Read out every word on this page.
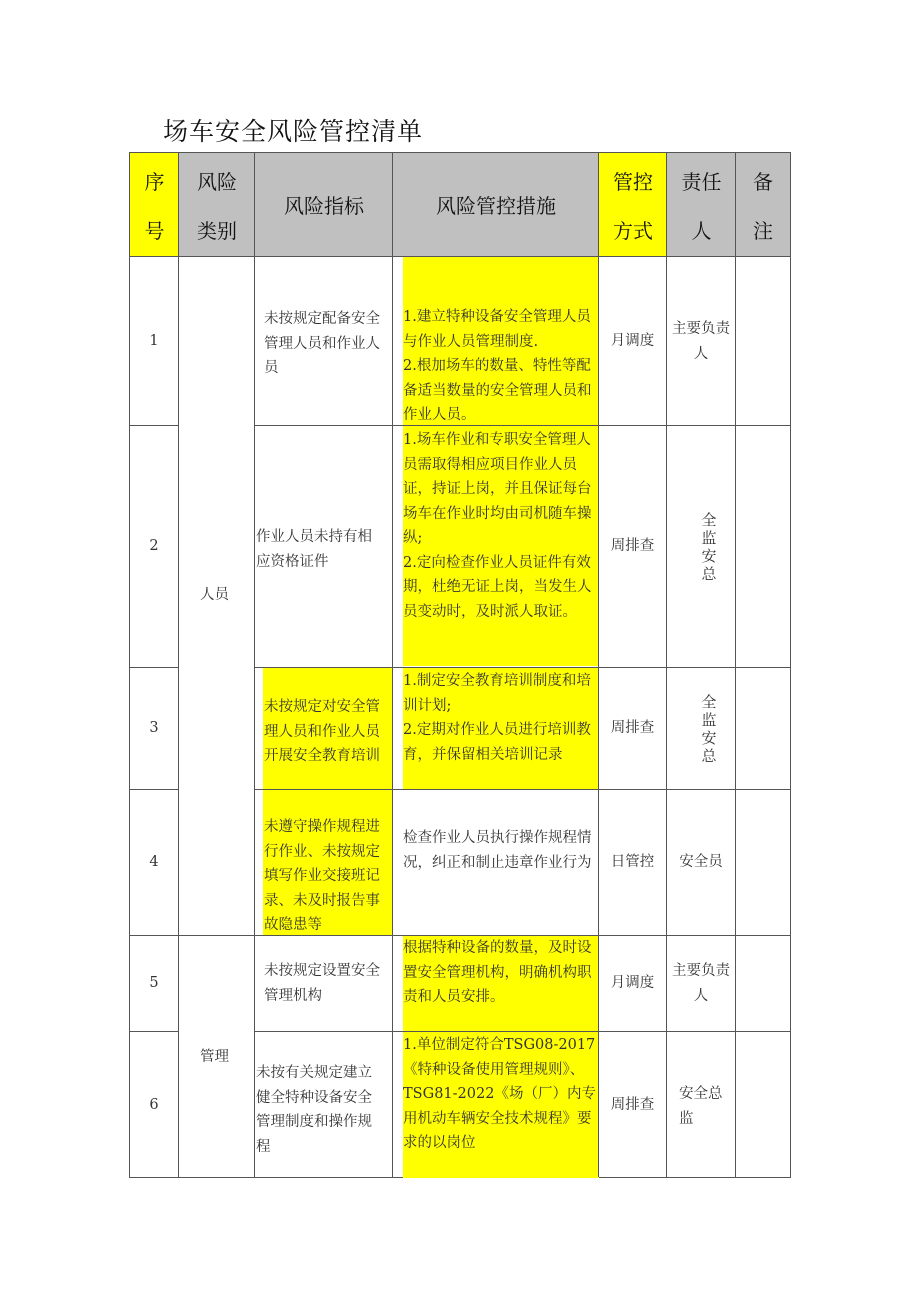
场车安全风险管控清单
序
号
风险
类别
风险指标	风险管控措施
管控
方式
责任
人
备
注
1
2
3
4
5
6
人员
管理
未按规定配备安全管理人员和作业人员
作业人员未持有相应资格证件
未按规定对安全管理人员和作业人员开展安全教育培训
未遵守操作规程进行作业、未按规定填写作业交接班记录、未及时报告事故隐患等
未按规定设置安全管理机构
未按有关规定建立健全特种设备安全管理制度和操作规程
1.建立特种设备安全管理人员与作业人员管理制度.
2.根加场车的数量、特性等配备适当数量的安全管理人员和作业人员。
1.场车作业和专职安全管理人员需取得相应项目作业人员证，持证上岗，并且保证每台场车在作业时均由司机随车操纵;
2.定向检查作业人员证件有效期，杜绝无证上岗，当发生人员变动时，及时派人取证。
1.制定安全教育培训制度和培训计划;
2.定期对作业人员进行培训教育，并保留相关培训记录
检查作业人员执行操作规程情况，纠正和制止违章作业行为
根据特种设备的数量，及时设置安全管理机构，明确机构职责和人员安排。
1.单位制定符合TSG08-2017《特种设备使用管理规则》、TSG81-2022《场（厂）内专用机动车辆安全技术规程》要求的以岗位
月调度
周排查
周排查
日管控
月调度
周排查
主要负责人
全监安总
全监安总
安全员
主要负责人
安全总监
